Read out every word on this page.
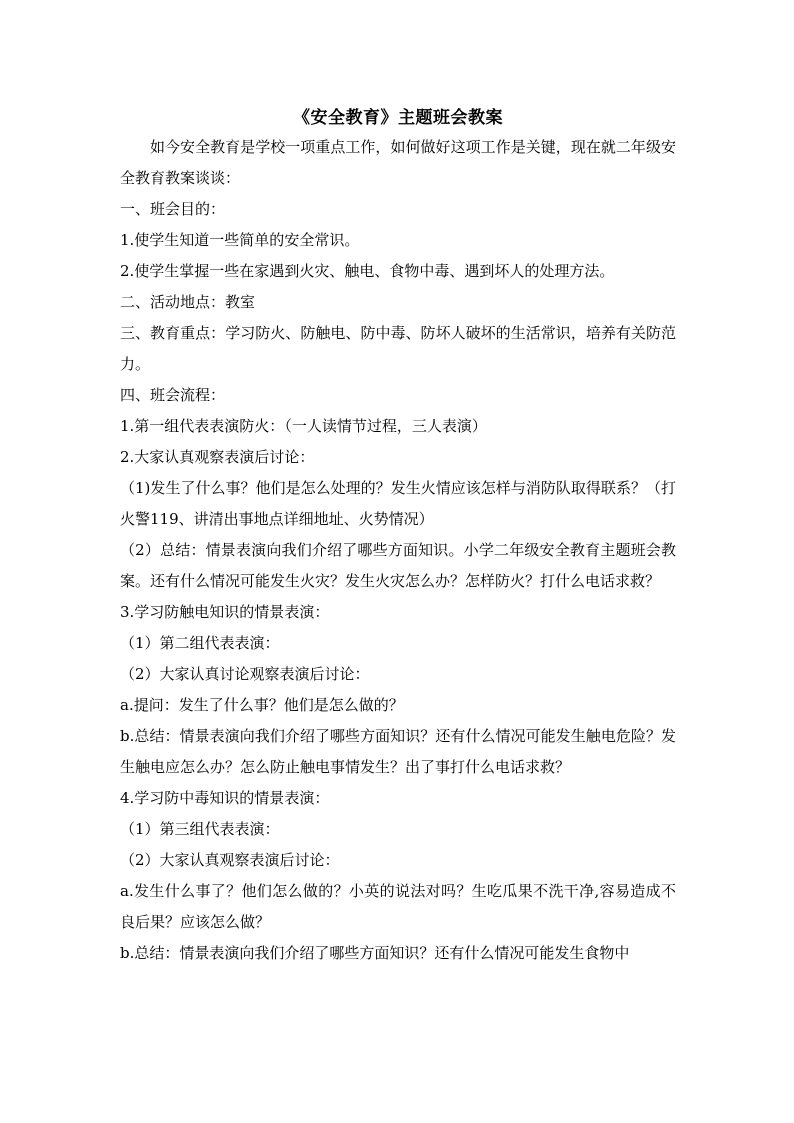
《安全教育》主题班会教案
如今安全教育是学校一项重点工作，如何做好这项工作是关键，现在就二年级安全教育教案谈谈：
一、班会目的：
1.使学生知道一些简单的安全常识。
2.使学生掌握一些在家遇到火灾、触电、食物中毒、遇到坏人的处理方法。
二、活动地点：教室
三、教育重点：学习防火、防触电、防中毒、防坏人破坏的生活常识，培养有关防范力。
四、班会流程：
1.第一组代表表演防火：（一人读情节过程，三人表演）
2.大家认真观察表演后讨论：
（1)发生了什么事？他们是怎么处理的？发生火情应该怎样与消防队取得联系？（打火警119、讲清出事地点详细地址、火势情况）
（2）总结：情景表演向我们介绍了哪些方面知识。小学二年级安全教育主题班会教案。还有什么情况可能发生火灾？发生火灾怎么办？怎样防火？打什么电话求救？
3.学习防触电知识的情景表演：
（1）第二组代表表演：
（2）大家认真讨论观察表演后讨论：
a.提问：发生了什么事？他们是怎么做的？
b.总结：情景表演向我们介绍了哪些方面知识？还有什么情况可能发生触电危险？发生触电应怎么办？怎么防止触电事情发生？出了事打什么电话求救？
4.学习防中毒知识的情景表演：
（1）第三组代表表演：
（2）大家认真观察表演后讨论：
a.发生什么事了？他们怎么做的？小英的说法对吗？生吃瓜果不洗干净,容易造成不良后果？应该怎么做？
b.总结：情景表演向我们介绍了哪些方面知识？还有什么情况可能发生食物中
